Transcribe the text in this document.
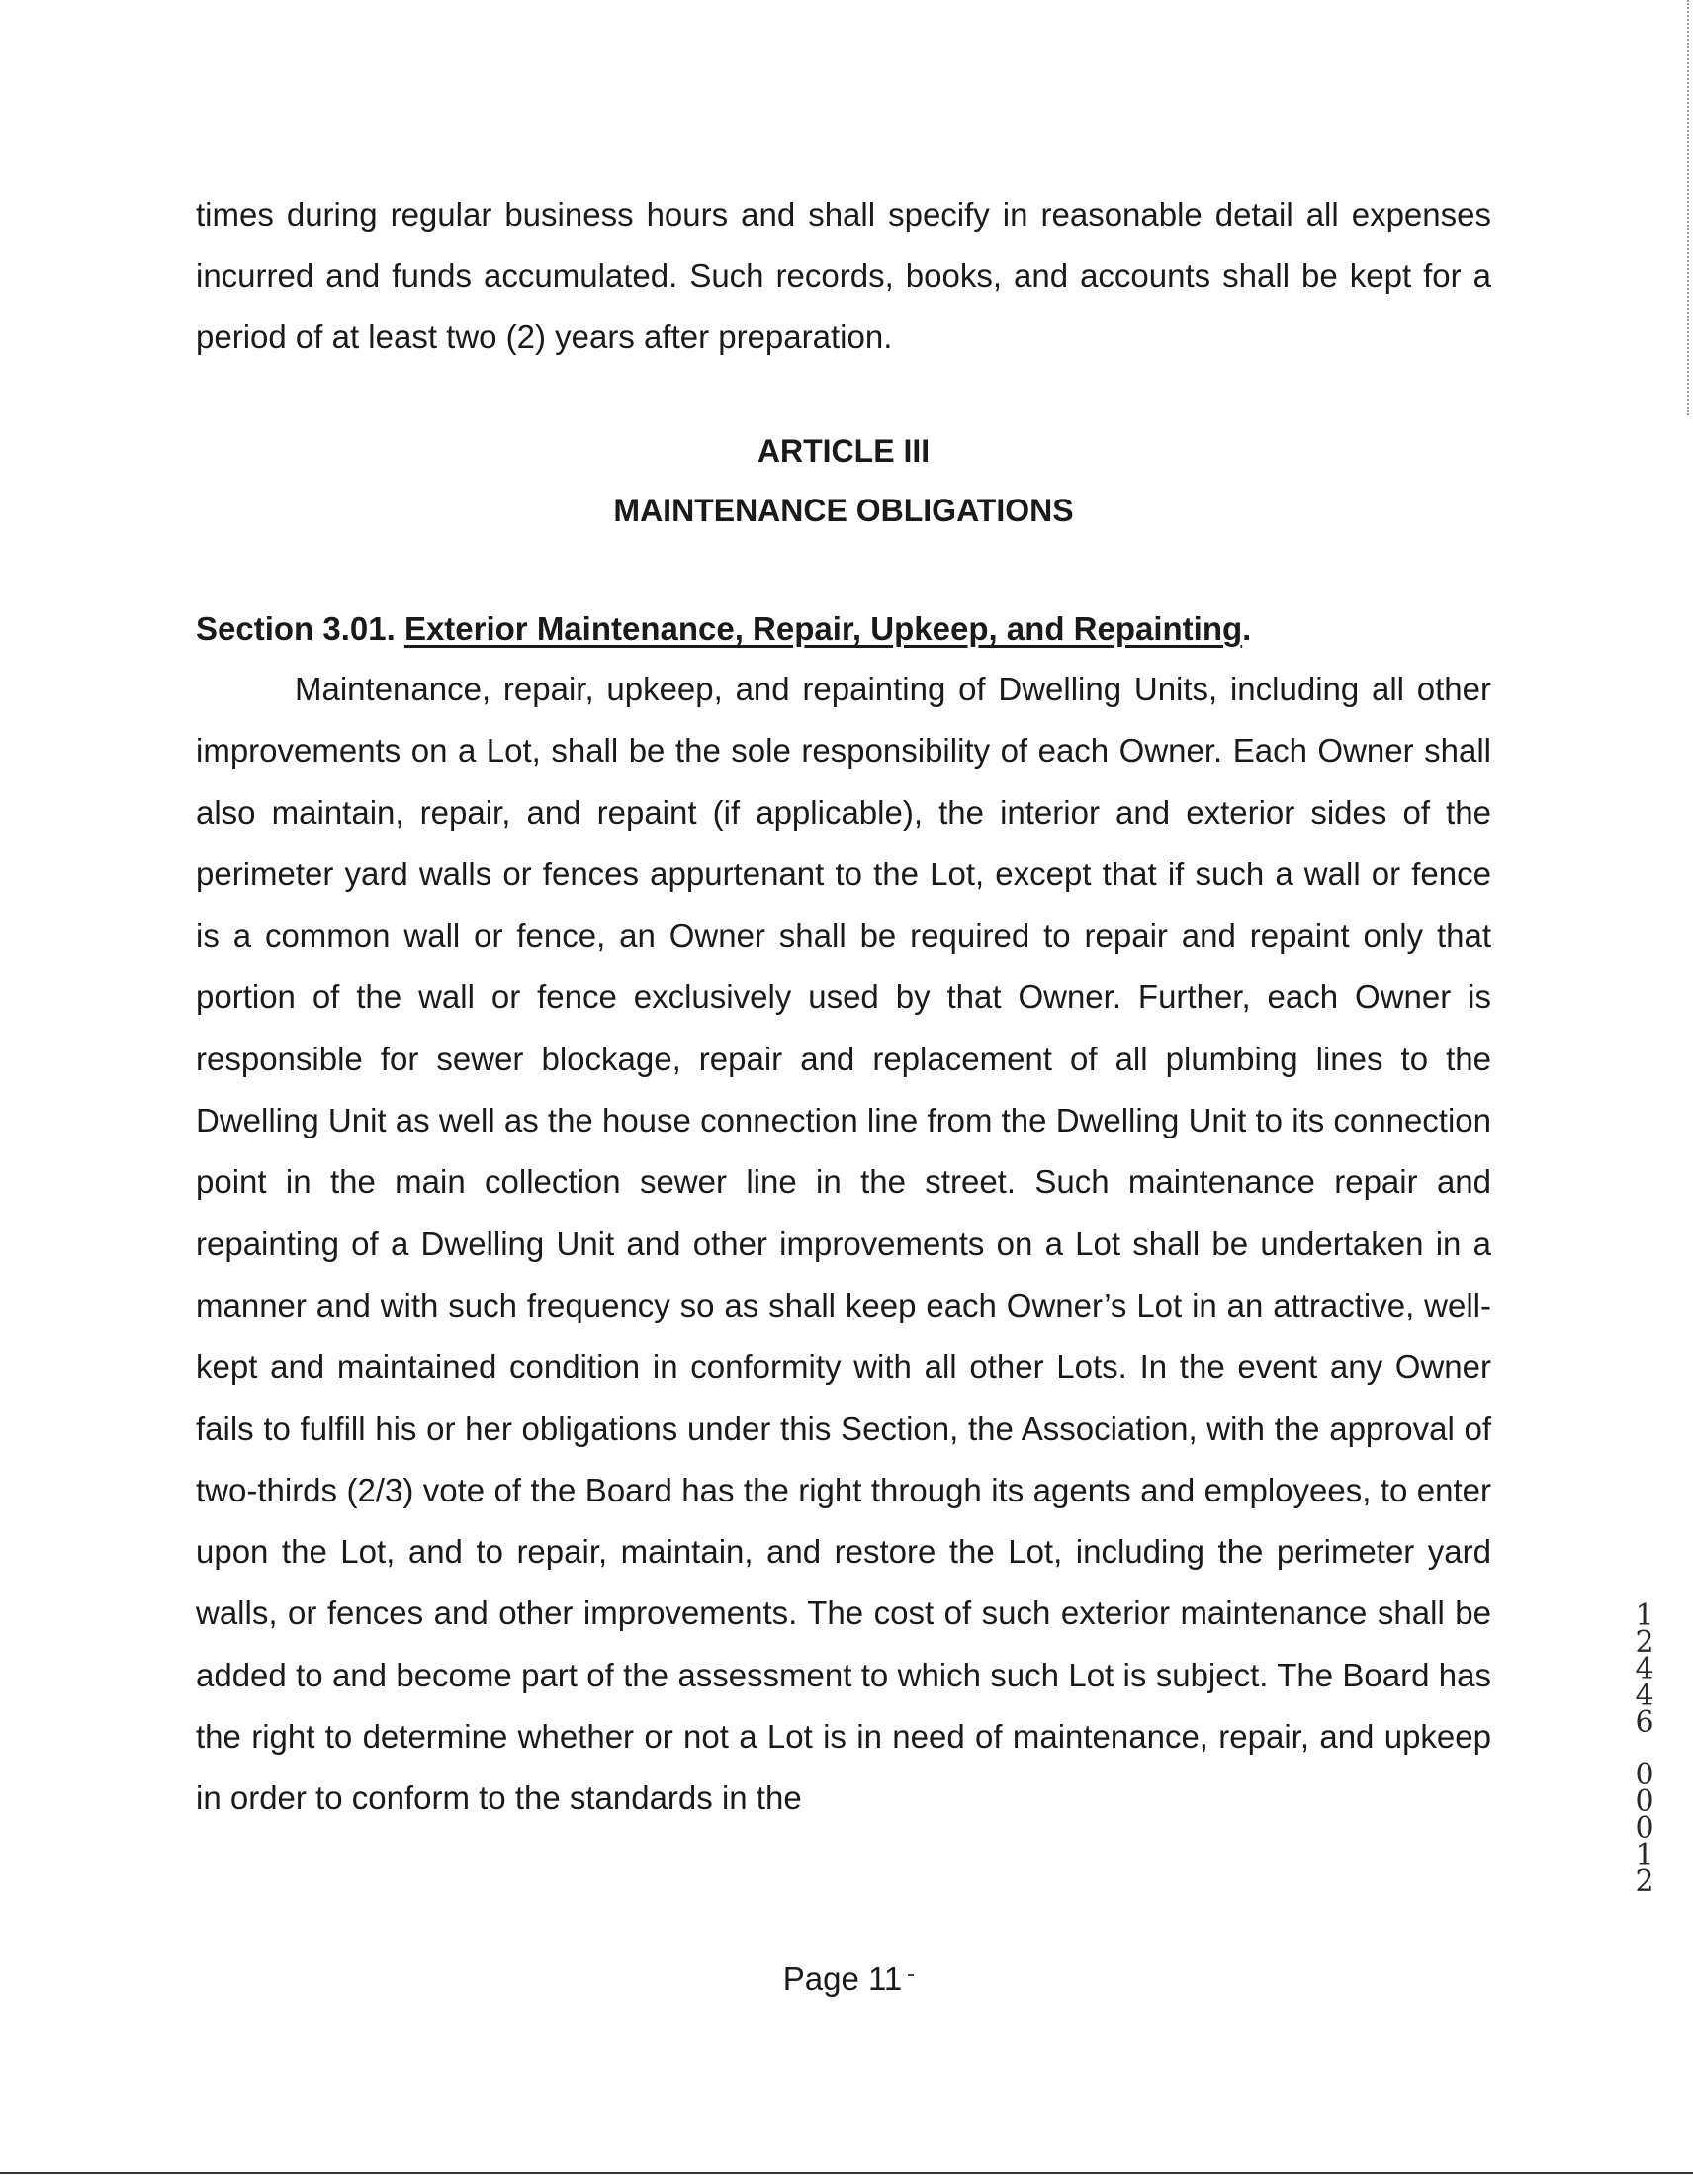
times during regular business hours and shall specify in reasonable detail all expenses incurred and funds accumulated. Such records, books, and accounts shall be kept for a period of at least two (2) years after preparation.

ARTICLE III
MAINTENANCE OBLIGATIONS
Section 3.01. Exterior Maintenance, Repair, Upkeep, and Repainting.

Maintenance, repair, upkeep, and repainting of Dwelling Units, including all other improvements on a Lot, shall be the sole responsibility of each Owner. Each Owner shall also maintain, repair, and repaint (if applicable), the interior and exterior sides of the perimeter yard walls or fences appurtenant to the Lot, except that if such a wall or fence is a common wall or fence, an Owner shall be required to repair and repaint only that portion of the wall or fence exclusively used by that Owner. Further, each Owner is responsible for sewer blockage, repair and replacement of all plumbing lines to the Dwelling Unit as well as the house connection line from the Dwelling Unit to its connection point in the main collection sewer line in the street. Such maintenance repair and repainting of a Dwelling Unit and other improvements on a Lot shall be undertaken in a manner and with such frequency so as shall keep each Owner’s Lot in an attractive, well-kept and maintained condition in conformity with all other Lots. In the event any Owner fails to fulfill his or her obligations under this Section, the Association, with the approval of two-thirds (2/3) vote of the Board has the right through its agents and employees, to enter upon the Lot, and to repair, maintain, and restore the Lot, including the perimeter yard walls, or fences and other improvements. The cost of such exterior maintenance shall be added to and become part of the assessment to which such Lot is subject. The Board has the right to determine whether or not a Lot is in need of maintenance, repair, and upkeep in order to conform to the standards in the

Page 11
1
2
4
4
6
0
0
0
1
2
